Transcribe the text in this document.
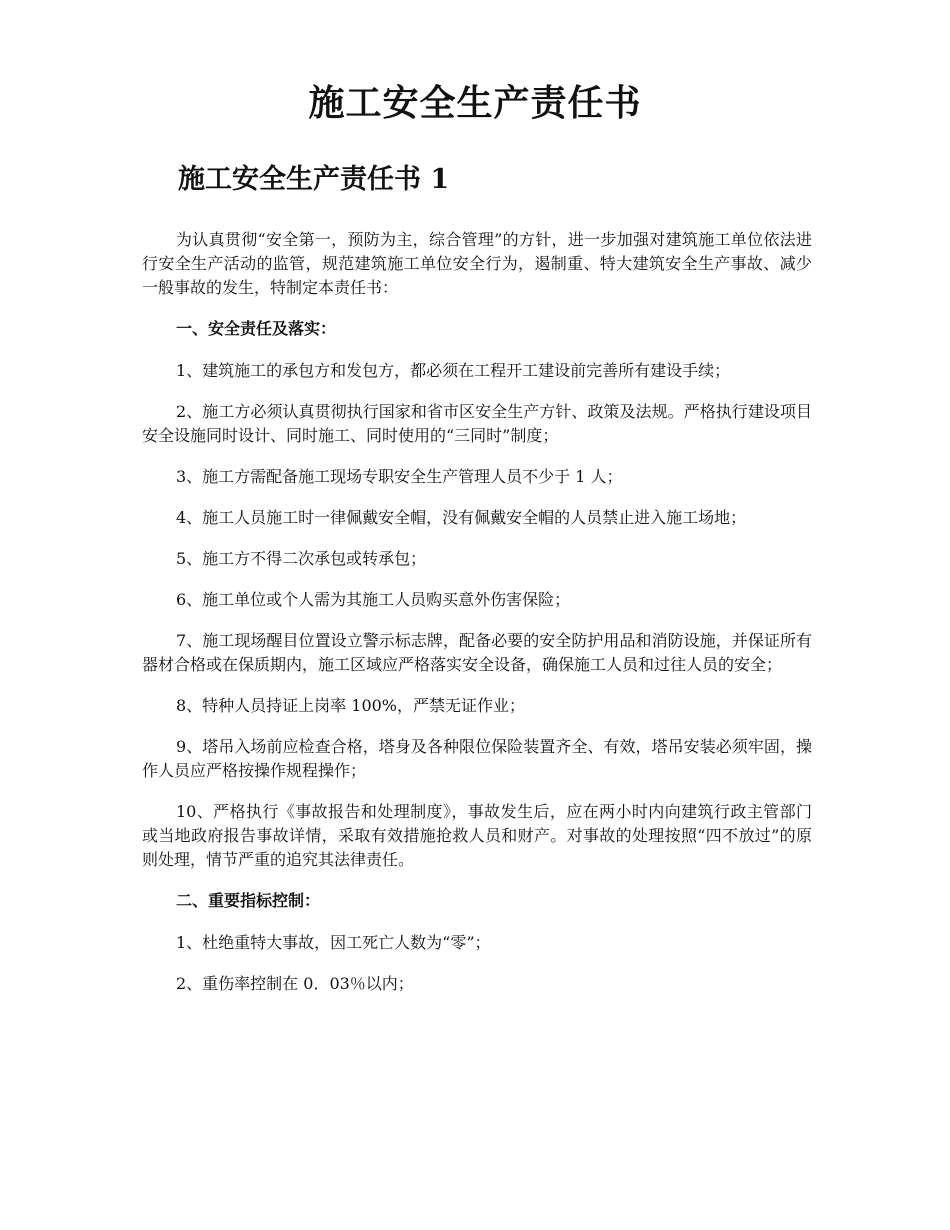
施工安全生产责任书
施工安全生产责任书 1

为认真贯彻“安全第一，预防为主，综合管理”的方针，进一步加强对建筑施工单位依法进行安全生产活动的监管，规范建筑施工单位安全行为，遏制重、特大建筑安全生产事故、减少一般事故的发生，特制定本责任书：

一、安全责任及落实：

1、建筑施工的承包方和发包方，都必须在工程开工建设前完善所有建设手续；

2、施工方必须认真贯彻执行国家和省市区安全生产方针、政策及法规。严格执行建设项目安全设施同时设计、同时施工、同时使用的“三同时”制度；

3、施工方需配备施工现场专职安全生产管理人员不少于 1 人；

4、施工人员施工时一律佩戴安全帽，没有佩戴安全帽的人员禁止进入施工场地；

5、施工方不得二次承包或转承包；

6、施工单位或个人需为其施工人员购买意外伤害保险；

7、施工现场醒目位置设立警示标志牌，配备必要的安全防护用品和消防设施，并保证所有器材合格或在保质期内，施工区域应严格落实安全设备，确保施工人员和过往人员的安全；

8、特种人员持证上岗率 100%，严禁无证作业；

9、塔吊入场前应检查合格，塔身及各种限位保险装置齐全、有效，塔吊安装必须牢固，操作人员应严格按操作规程操作；

10、严格执行《事故报告和处理制度》，事故发生后，应在两小时内向建筑行政主管部门或当地政府报告事故详情，采取有效措施抢救人员和财产。对事故的处理按照“四不放过”的原则处理，情节严重的追究其法律责任。

二、重要指标控制：

1、杜绝重特大事故，因工死亡人数为“零”；

2、重伤率控制在 0．03％以内；
